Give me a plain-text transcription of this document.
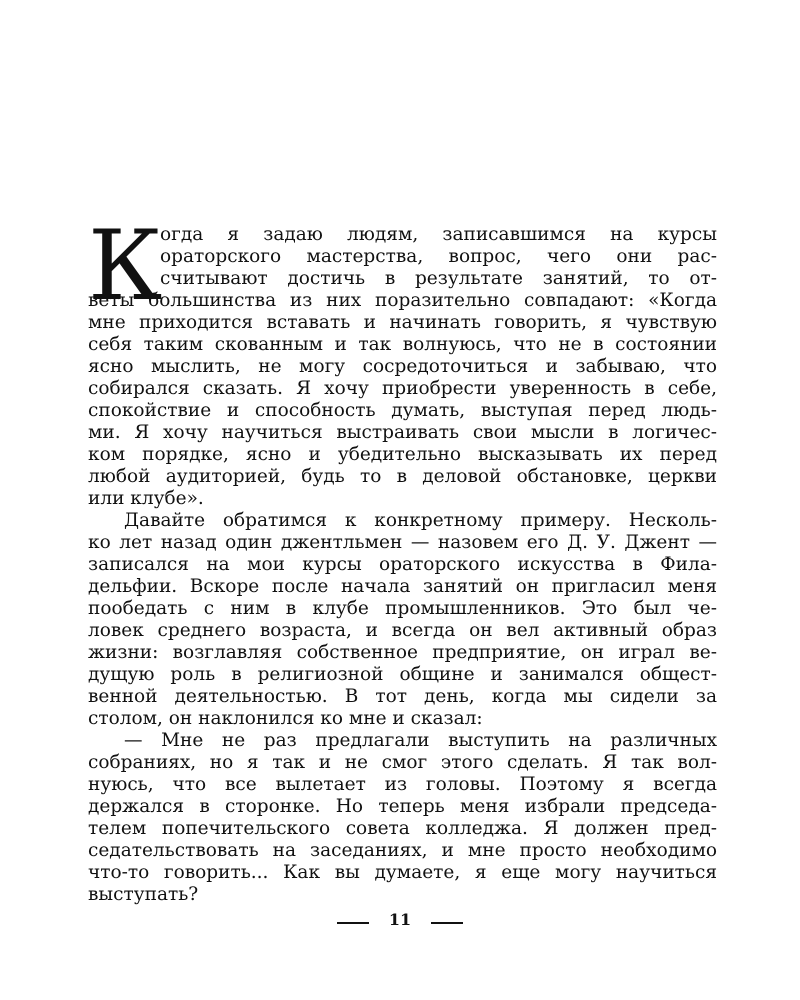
К
огда я задаю людям, записавшимся на курсы
ораторского мастерства, вопрос, чего они рас-
считывают достичь в результате занятий, то от-
веты большинства из них поразительно совпадают: «Когда
мне приходится вставать и начинать говорить, я чувствую
себя таким скованным и так волнуюсь, что не в состоянии
ясно мыслить, не могу сосредоточиться и забываю, что
собирался сказать. Я хочу приобрести уверенность в себе,
спокойствие и способность думать, выступая перед людь-
ми. Я хочу научиться выстраивать свои мысли в логичес-
ком порядке, ясно и убедительно высказывать их перед
любой аудиторией, будь то в деловой обстановке, церкви
или клубе».
Давайте обратимся к конкретному примеру. Несколь-
ко лет назад один джентльмен — назовем его Д. У. Джент —
записался на мои курсы ораторского искусства в Фила-
дельфии. Вскоре после начала занятий он пригласил меня
пообедать с ним в клубе промышленников. Это был че-
ловек среднего возраста, и всегда он вел активный образ
жизни: возглавляя собственное предприятие, он играл ве-
дущую роль в религиозной общине и занимался общест-
венной деятельностью. В тот день, когда мы сидели за
столом, он наклонился ко мне и сказал:
— Мне не раз предлагали выступить на различных
собраниях, но я так и не смог этого сделать. Я так вол-
нуюсь, что все вылетает из головы. Поэтому я всегда
держался в сторонке. Но теперь меня избрали председа-
телем попечительского совета колледжа. Я должен пред-
седательствовать на заседаниях, и мне просто необходимо
что-то говорить... Как вы думаете, я еще могу научиться
выступать?
11
